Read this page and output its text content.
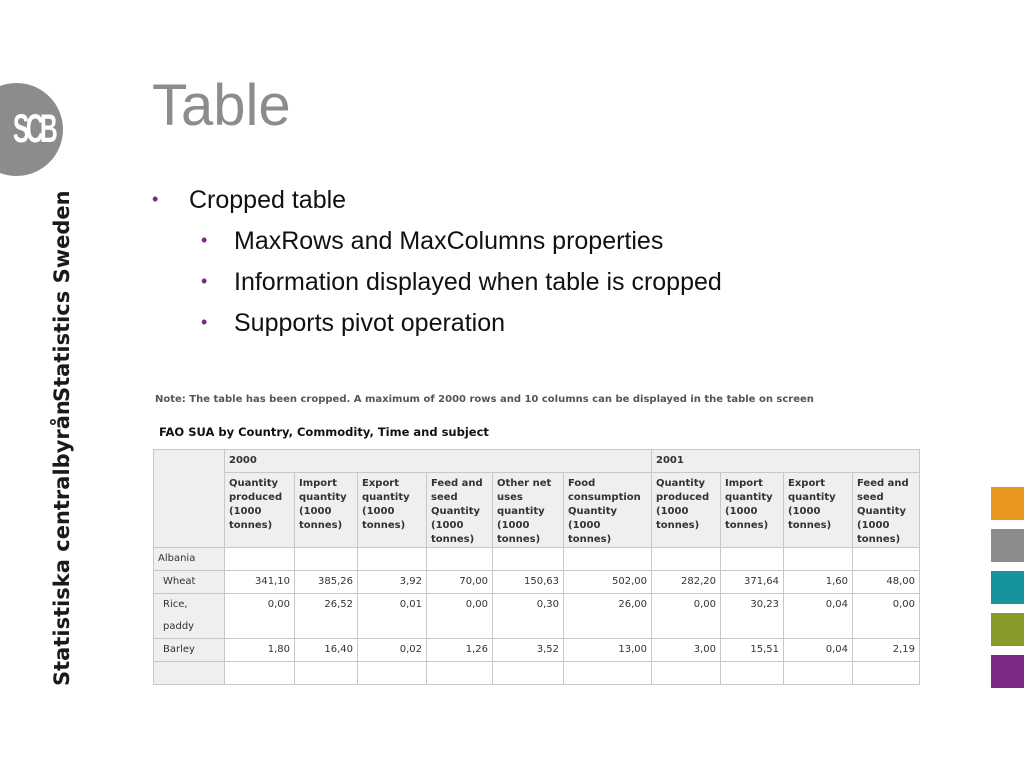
SCB
Statistics Sweden
Statistiska centralbyrån
Table
• Cropped table
• MaxRows and MaxColumns properties
• Information displayed when table is cropped
• Supports pivot operation
Note: The table has been cropped. A maximum of 2000 rows and 10 columns can be displayed in the table on screen
FAO SUA by Country, Commodity, Time and subject
	2000						2001			
	Quantity produced (1000 tonnes)	Import quantity (1000 tonnes)	Export quantity (1000 tonnes)	Feed and seed Quantity (1000 tonnes)	Other net uses quantity (1000 tonnes)	Food consumption Quantity (1000 tonnes)	Quantity produced (1000 tonnes)	Import quantity (1000 tonnes)	Export quantity (1000 tonnes)	Feed and seed Quantity (1000 tonnes)
Albania										
Wheat	341,10	385,26	3,92	70,00	150,63	502,00	282,20	371,64	1,60	48,00
Rice, paddy	0,00	26,52	0,01	0,00	0,30	26,00	0,00	30,23	0,04	0,00
Barley	1,80	16,40	0,02	1,26	3,52	13,00	3,00	15,51	0,04	2,19
